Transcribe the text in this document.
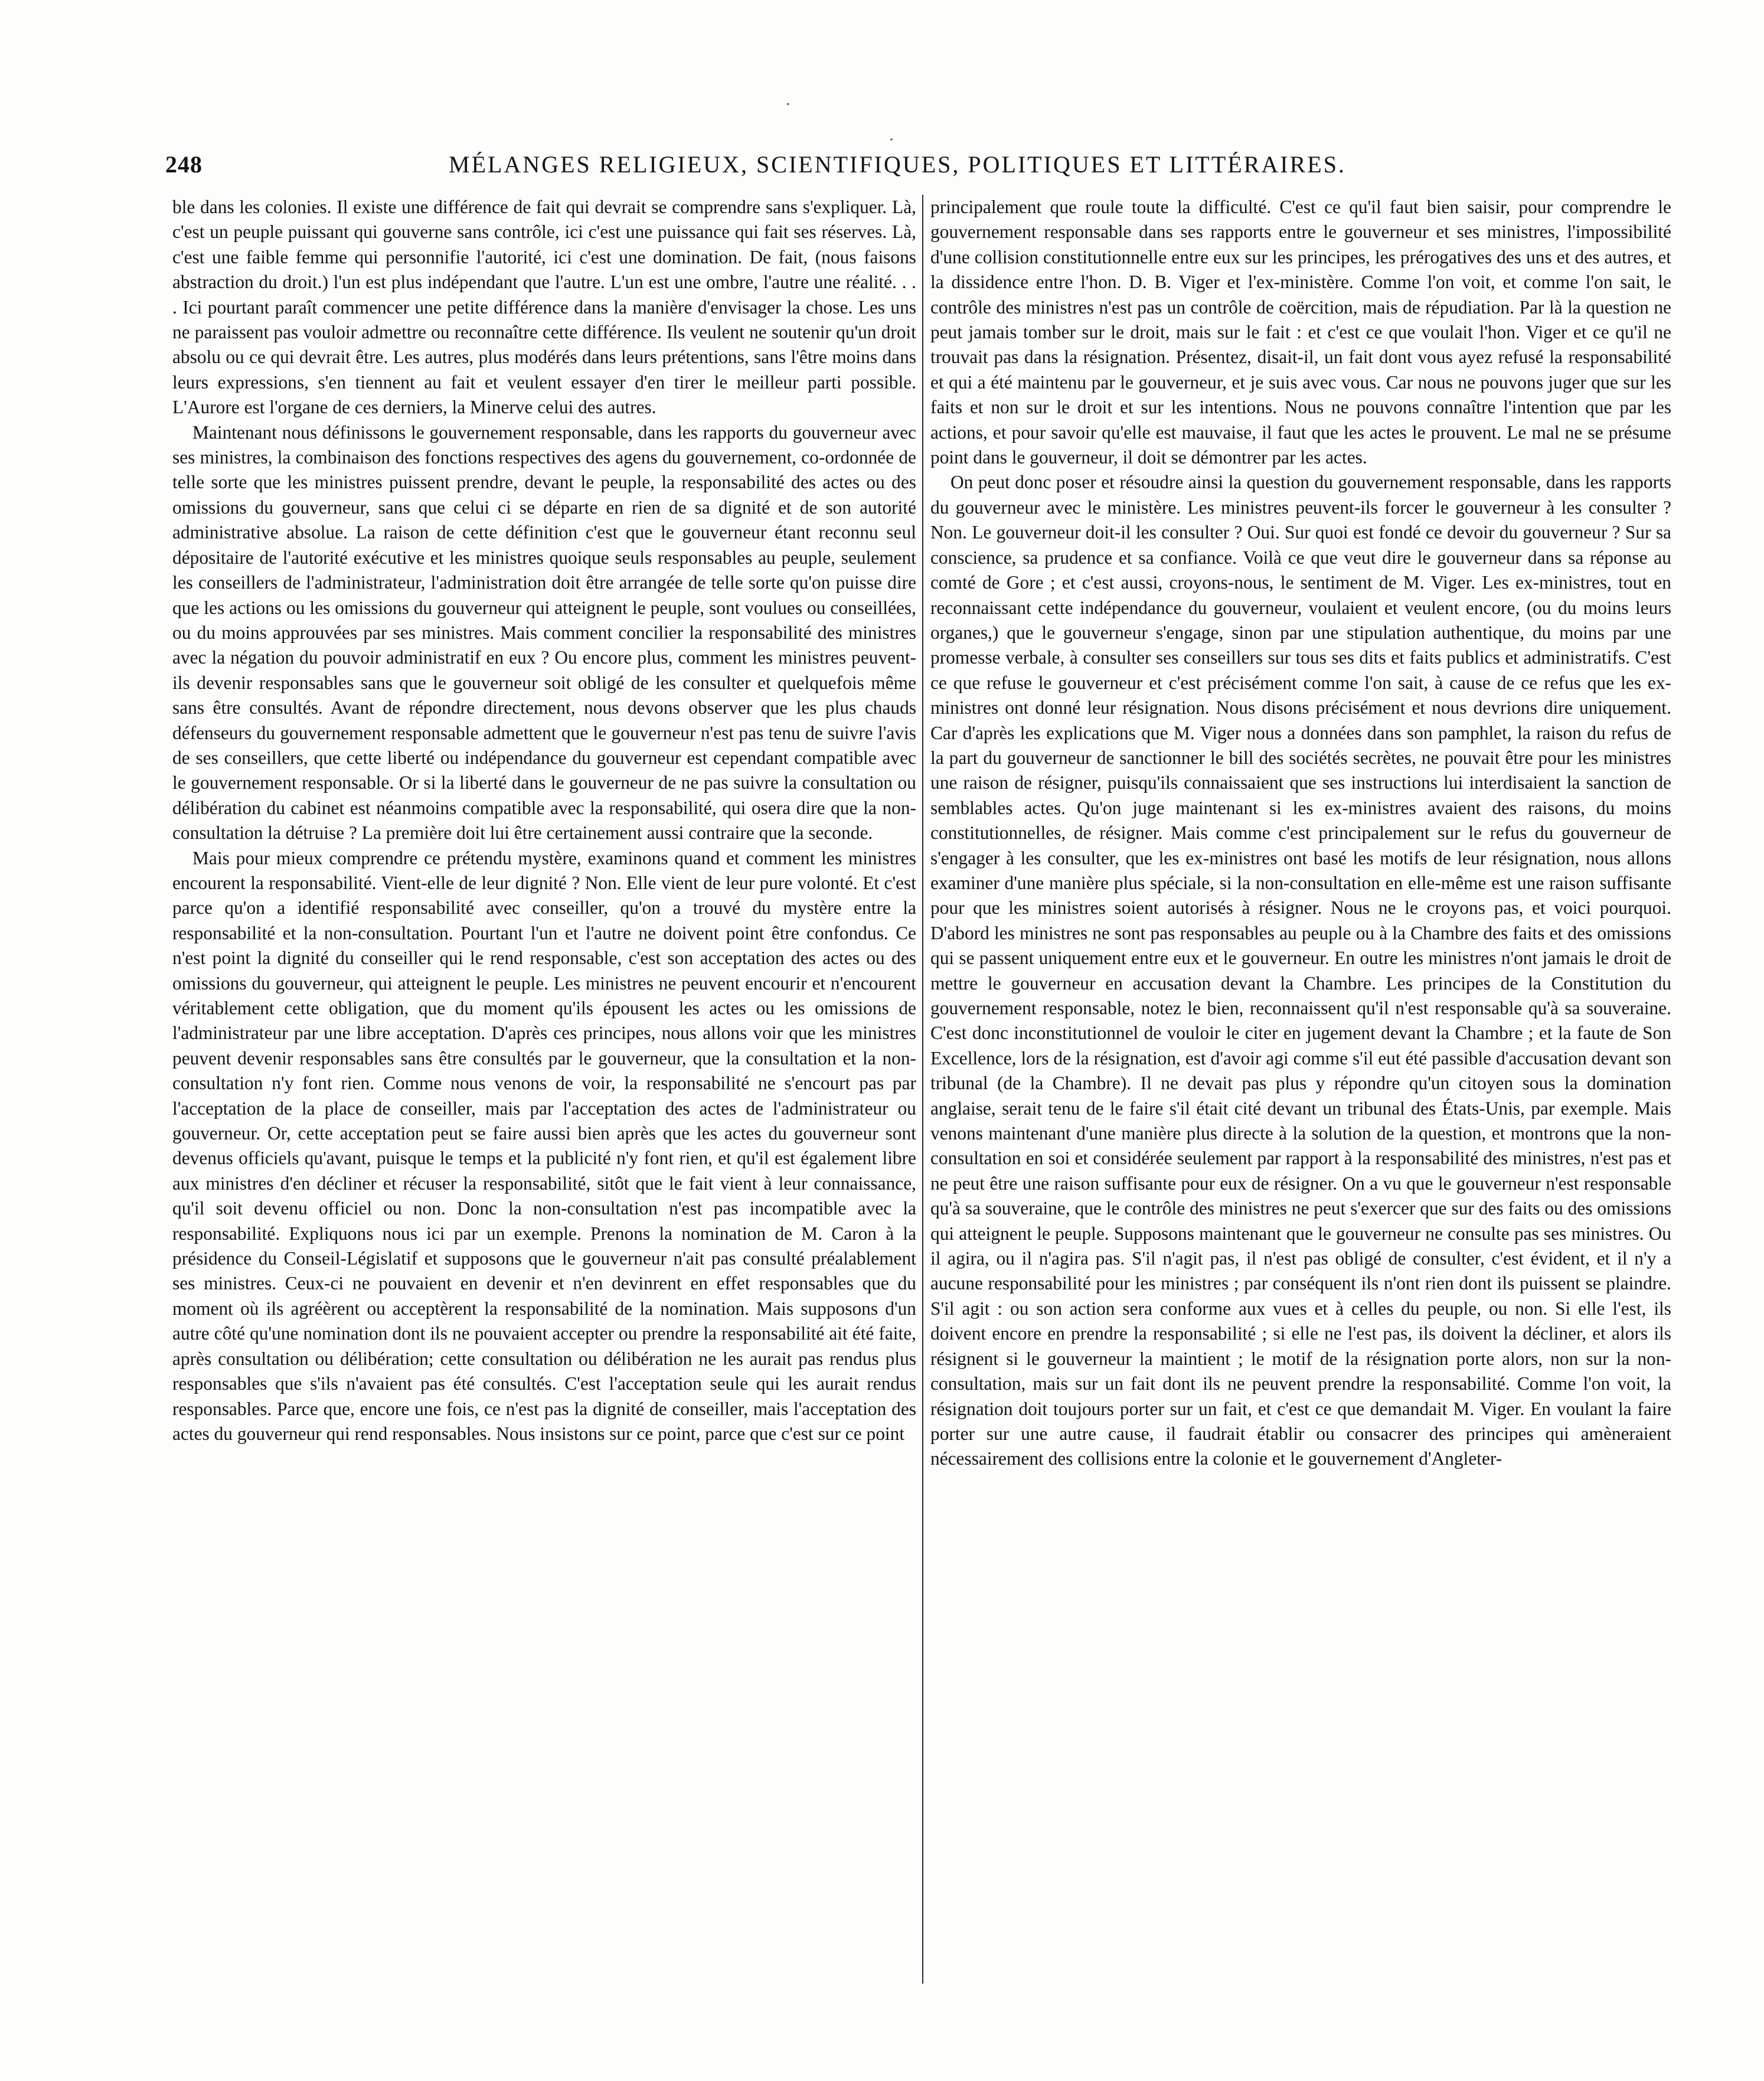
·
·
248	MÉLANGES RELIGIEUX, SCIENTIFIQUES, POLITIQUES ET LITTÉRAIRES.

ble dans les colonies. Il existe une différence de fait qui devrait se comprendre sans s'expliquer. Là, c'est un peuple puissant qui gouverne sans contrôle, ici c'est une puissance qui fait ses réserves. Là, c'est une faible femme qui personnifie l'autorité, ici c'est une domination. De fait, (nous faisons abstraction du droit.) l'un est plus indépendant que l'autre. L'un est une ombre, l'autre une réalité. . . . Ici pourtant paraît commencer une petite différence dans la manière d'envisager la chose. Les uns ne paraissent pas vouloir admettre ou reconnaître cette différence. Ils veulent ne soutenir qu'un droit absolu ou ce qui devrait être. Les autres, plus modérés dans leurs prétentions, sans l'être moins dans leurs expressions, s'en tiennent au fait et veulent essayer d'en tirer le meilleur parti possible. L'Aurore est l'organe de ces derniers, la Minerve celui des autres.

Maintenant nous définissons le gouvernement responsable, dans les rapports du gouverneur avec ses ministres, la combinaison des fonctions respectives des agens du gouvernement, co-ordonnée de telle sorte que les ministres puissent prendre, devant le peuple, la responsabilité des actes ou des omissions du gouverneur, sans que celui ci se départe en rien de sa dignité et de son autorité administrative absolue. La raison de cette définition c'est que le gouverneur étant reconnu seul dépositaire de l'autorité exécutive et les ministres quoique seuls responsables au peuple, seulement les conseillers de l'administrateur, l'administration doit être arrangée de telle sorte qu'on puisse dire que les actions ou les omissions du gouverneur qui atteignent le peuple, sont voulues ou conseillées, ou du moins approuvées par ses ministres. Mais comment concilier la responsabilité des ministres avec la négation du pouvoir administratif en eux ? Ou encore plus, comment les ministres peuvent-ils devenir responsables sans que le gouverneur soit obligé de les consulter et quelquefois même sans être consultés. Avant de répondre directement, nous devons observer que les plus chauds défenseurs du gouvernement responsable admettent que le gouverneur n'est pas tenu de suivre l'avis de ses conseillers, que cette liberté ou indépendance du gouverneur est cependant compatible avec le gouvernement responsable. Or si la liberté dans le gouverneur de ne pas suivre la consultation ou délibération du cabinet est néanmoins compatible avec la responsabilité, qui osera dire que la non-consultation la détruise ? La première doit lui être certainement aussi contraire que la seconde.

Mais pour mieux comprendre ce prétendu mystère, examinons quand et comment les ministres encourent la responsabilité. Vient-elle de leur dignité ? Non. Elle vient de leur pure volonté. Et c'est parce qu'on a identifié responsabilité avec conseiller, qu'on a trouvé du mystère entre la responsabilité et la non-consultation. Pourtant l'un et l'autre ne doivent point être confondus. Ce n'est point la dignité du conseiller qui le rend responsable, c'est son acceptation des actes ou des omissions du gouverneur, qui atteignent le peuple. Les ministres ne peuvent encourir et n'encourent véritablement cette obligation, que du moment qu'ils épousent les actes ou les omissions de l'administrateur par une libre acceptation. D'après ces principes, nous allons voir que les ministres peuvent devenir responsables sans être consultés par le gouverneur, que la consultation et la non-consultation n'y font rien. Comme nous venons de voir, la responsabilité ne s'encourt pas par l'acceptation de la place de conseiller, mais par l'acceptation des actes de l'administrateur ou gouverneur. Or, cette acceptation peut se faire aussi bien après que les actes du gouverneur sont devenus officiels qu'avant, puisque le temps et la publicité n'y font rien, et qu'il est également libre aux ministres d'en décliner et récuser la responsabilité, sitôt que le fait vient à leur connaissance, qu'il soit devenu officiel ou non. Donc la non-consultation n'est pas incompatible avec la responsabilité. Expliquons nous ici par un exemple. Prenons la nomination de M. Caron à la présidence du Conseil-Législatif et supposons que le gouverneur n'ait pas consulté préalablement ses ministres. Ceux-ci ne pouvaient en devenir et n'en devinrent en effet responsables que du moment où ils agréèrent ou acceptèrent la responsabilité de la nomination. Mais supposons d'un autre côté qu'une nomination dont ils ne pouvaient accepter ou prendre la responsabilité ait été faite, après consultation ou délibération; cette consultation ou délibération ne les aurait pas rendus plus responsables que s'ils n'avaient pas été consultés. C'est l'acceptation seule qui les aurait rendus responsables. Parce que, encore une fois, ce n'est pas la dignité de conseiller, mais l'acceptation des actes du gouverneur qui rend responsables. Nous insistons sur ce point, parce que c'est sur ce point

principalement que roule toute la difficulté. C'est ce qu'il faut bien saisir, pour comprendre le gouvernement responsable dans ses rapports entre le gouverneur et ses ministres, l'impossibilité d'une collision constitutionnelle entre eux sur les principes, les prérogatives des uns et des autres, et la dissidence entre l'hon. D. B. Viger et l'ex-ministère. Comme l'on voit, et comme l'on sait, le contrôle des ministres n'est pas un contrôle de coërcition, mais de répudiation. Par là la question ne peut jamais tomber sur le droit, mais sur le fait : et c'est ce que voulait l'hon. Viger et ce qu'il ne trouvait pas dans la résignation. Présentez, disait-il, un fait dont vous ayez refusé la responsabilité et qui a été maintenu par le gouverneur, et je suis avec vous. Car nous ne pouvons juger que sur les faits et non sur le droit et sur les intentions. Nous ne pouvons connaître l'intention que par les actions, et pour savoir qu'elle est mauvaise, il faut que les actes le prouvent. Le mal ne se présume point dans le gouverneur, il doit se démontrer par les actes.

On peut donc poser et résoudre ainsi la question du gouvernement responsable, dans les rapports du gouverneur avec le ministère. Les ministres peuvent-ils forcer le gouverneur à les consulter ? Non. Le gouverneur doit-il les consulter ? Oui. Sur quoi est fondé ce devoir du gouverneur ? Sur sa conscience, sa prudence et sa confiance. Voilà ce que veut dire le gouverneur dans sa réponse au comté de Gore ; et c'est aussi, croyons-nous, le sentiment de M. Viger. Les ex-ministres, tout en reconnaissant cette indépendance du gouverneur, voulaient et veulent encore, (ou du moins leurs organes,) que le gouverneur s'engage, sinon par une stipulation authentique, du moins par une promesse verbale, à consulter ses conseillers sur tous ses dits et faits publics et administratifs. C'est ce que refuse le gouverneur et c'est précisément comme l'on sait, à cause de ce refus que les ex-ministres ont donné leur résignation. Nous disons précisément et nous devrions dire uniquement. Car d'après les explications que M. Viger nous a données dans son pamphlet, la raison du refus de la part du gouverneur de sanctionner le bill des sociétés secrètes, ne pouvait être pour les ministres une raison de résigner, puisqu'ils connaissaient que ses instructions lui interdisaient la sanction de semblables actes. Qu'on juge maintenant si les ex-ministres avaient des raisons, du moins constitutionnelles, de résigner. Mais comme c'est principalement sur le refus du gouverneur de s'engager à les consulter, que les ex-ministres ont basé les motifs de leur résignation, nous allons examiner d'une manière plus spéciale, si la non-consultation en elle-même est une raison suffisante pour que les ministres soient autorisés à résigner. Nous ne le croyons pas, et voici pourquoi. D'abord les ministres ne sont pas responsables au peuple ou à la Chambre des faits et des omissions qui se passent uniquement entre eux et le gouverneur. En outre les ministres n'ont jamais le droit de mettre le gouverneur en accusation devant la Chambre. Les principes de la Constitution du gouvernement responsable, notez le bien, reconnaissent qu'il n'est responsable qu'à sa souveraine. C'est donc inconstitutionnel de vouloir le citer en jugement devant la Chambre ; et la faute de Son Excellence, lors de la résignation, est d'avoir agi comme s'il eut été passible d'accusation devant son tribunal (de la Chambre). Il ne devait pas plus y répondre qu'un citoyen sous la domination anglaise, serait tenu de le faire s'il était cité devant un tribunal des États-Unis, par exemple. Mais venons maintenant d'une manière plus directe à la solution de la question, et montrons que la non-consultation en soi et considérée seulement par rapport à la responsabilité des ministres, n'est pas et ne peut être une raison suffisante pour eux de résigner. On a vu que le gouverneur n'est responsable qu'à sa souveraine, que le contrôle des ministres ne peut s'exercer que sur des faits ou des omissions qui atteignent le peuple. Supposons maintenant que le gouverneur ne consulte pas ses ministres. Ou il agira, ou il n'agira pas. S'il n'agit pas, il n'est pas obligé de consulter, c'est évident, et il n'y a aucune responsabilité pour les ministres ; par conséquent ils n'ont rien dont ils puissent se plaindre. S'il agit : ou son action sera conforme aux vues et à celles du peuple, ou non. Si elle l'est, ils doivent encore en prendre la responsabilité ; si elle ne l'est pas, ils doivent la décliner, et alors ils résignent si le gouverneur la maintient ; le motif de la résignation porte alors, non sur la non-consultation, mais sur un fait dont ils ne peuvent prendre la responsabilité. Comme l'on voit, la résignation doit toujours porter sur un fait, et c'est ce que demandait M. Viger. En voulant la faire porter sur une autre cause, il faudrait établir ou consacrer des principes qui amèneraient nécessairement des collisions entre la colonie et le gouvernement d'Angleter-
